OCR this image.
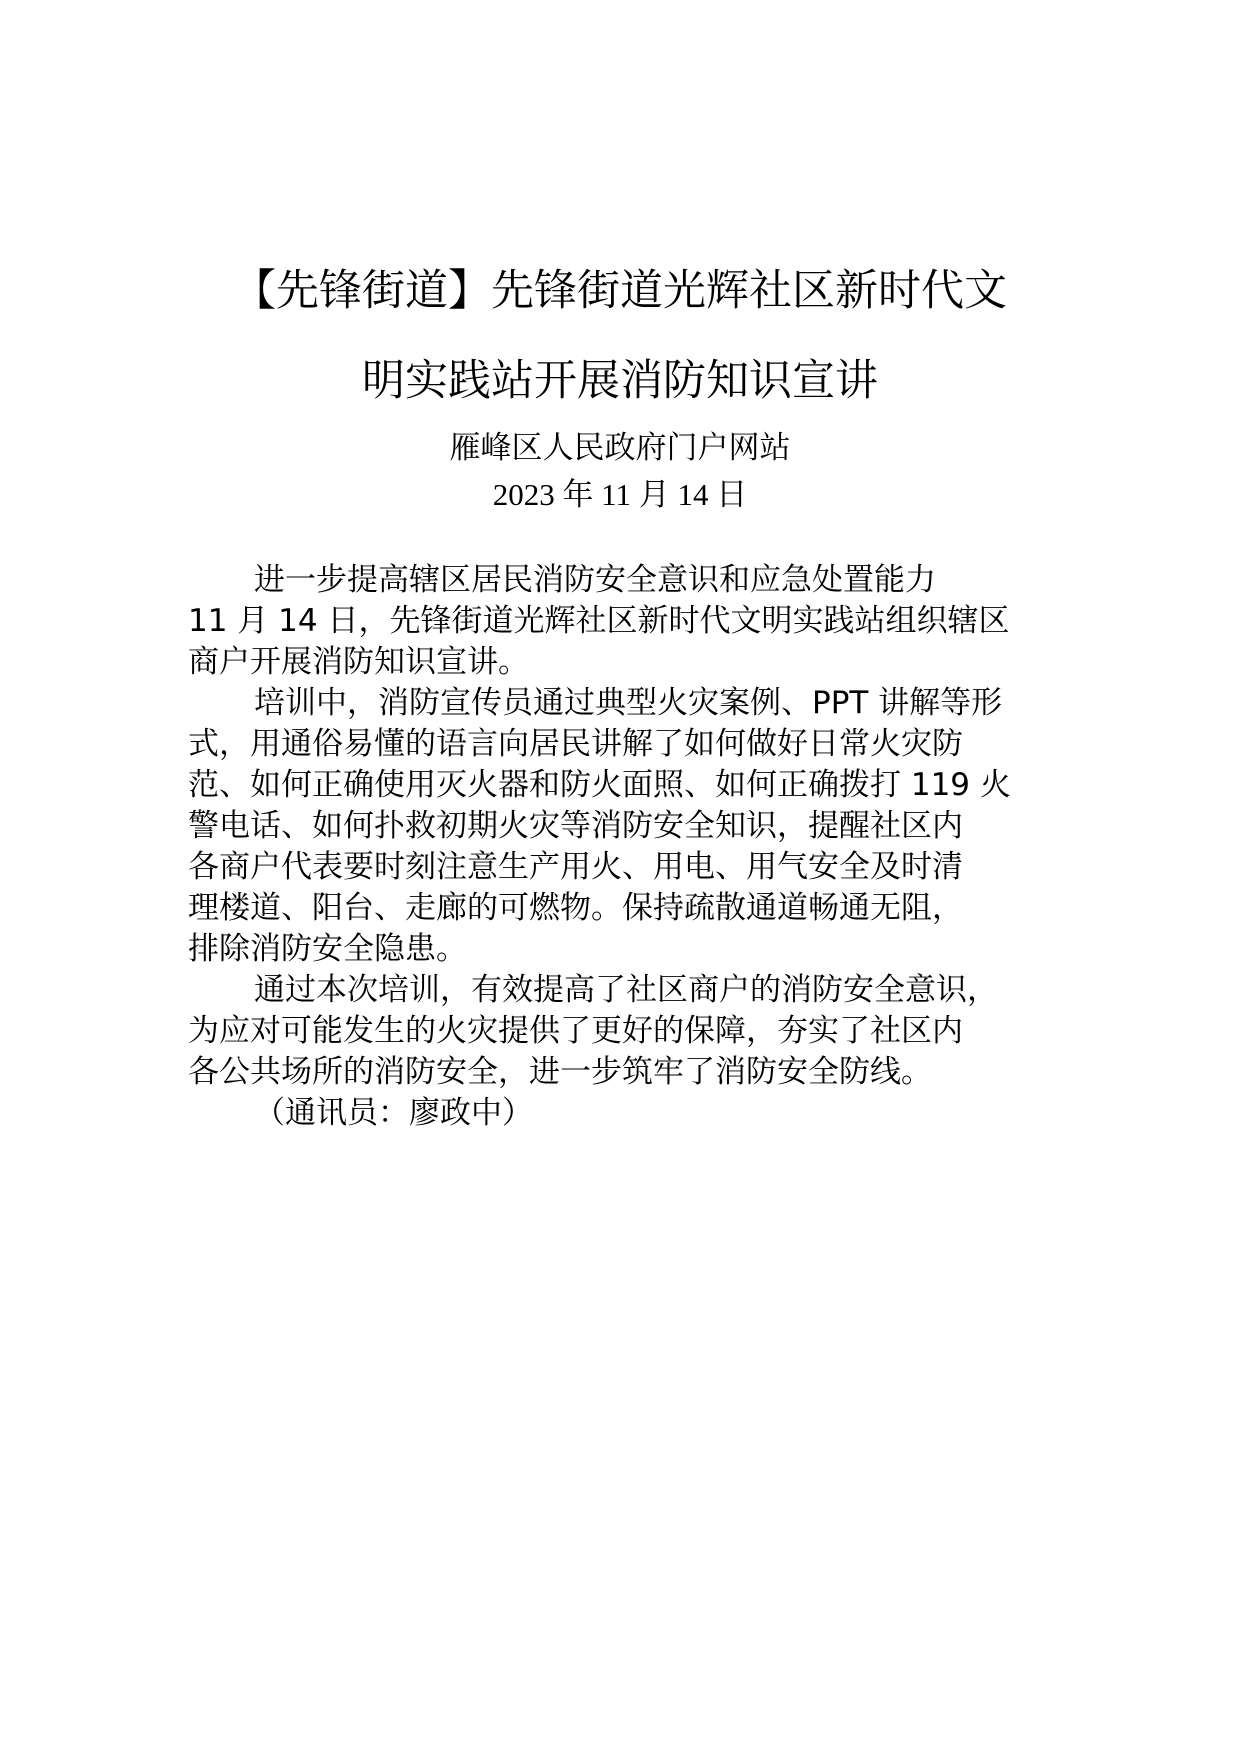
【先锋街道】先锋街道光辉社区新时代文
明实践站开展消防知识宣讲
雁峰区人民政府门户网站
2023 年 11 月 14 日
进一步提高辖区居民消防安全意识和应急处置能力
11 月 14 日，先锋街道光辉社区新时代文明实践站组织辖区
商户开展消防知识宣讲。
培训中，消防宣传员通过典型火灾案例、PPT 讲解等形
式，用通俗易懂的语言向居民讲解了如何做好日常火灾防
范、如何正确使用灭火器和防火面照、如何正确拨打 119 火
警电话、如何扑救初期火灾等消防安全知识，提醒社区内
各商户代表要时刻注意生产用火、用电、用气安全及时清
理楼道、阳台、走廊的可燃物。保持疏散通道畅通无阻，
排除消防安全隐患。
通过本次培训，有效提高了社区商户的消防安全意识，
为应对可能发生的火灾提供了更好的保障，夯实了社区内
各公共场所的消防安全，进一步筑牢了消防安全防线。
（通讯员：廖政中）
